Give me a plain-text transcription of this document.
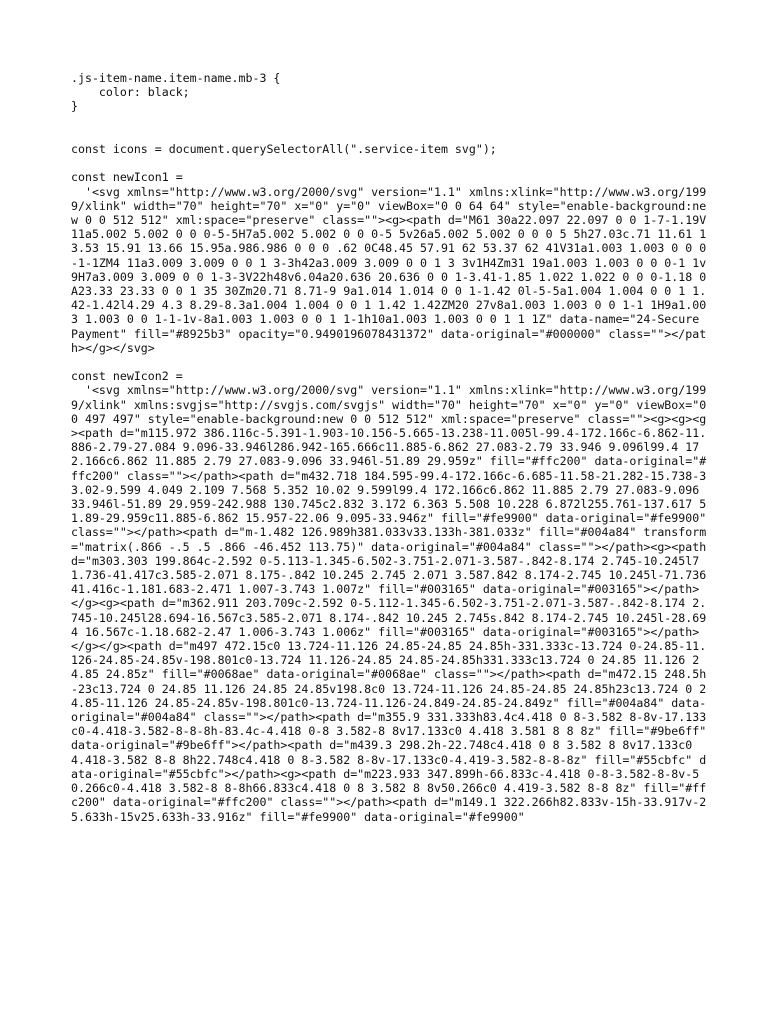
.js-item-name.item-name.mb-3 {
color: black;
}
const icons = document.querySelectorAll(".service-item svg");
const newIcon1 =
'<svg xmlns="http://www.w3.org/2000/svg" version="1.1" xmlns:xlink="http://www.w3.org/1999/xlink" width="70" height="70" x="0" y="0" viewBox="0 0 64 64" style="enable-background:new 0 0 512 512" xml:space="preserve" class=""><g><path d="M61 30a22.097 22.097 0 0 1-7-1.19V11a5.002 5.002 0 0 0-5-5H7a5.002 5.002 0 0 0-5 5v26a5.002 5.002 0 0 0 5 5h27.03c.71 11.61 13.53 15.91 13.66 15.95a.986.986 0 0 0 .62 0C48.45 57.91 62 53.37 62 41V31a1.003 1.003 0 0 0-1-1ZM4 11a3.009 3.009 0 0 1 3-3h42a3.009 3.009 0 0 1 3 3v1H4Zm31 19a1.003 1.003 0 0 0-1 1v9H7a3.009 3.009 0 0 1-3-3V22h48v6.04a20.636 20.636 0 0 1-3.41-1.85 1.022 1.022 0 0 0-1.18 0A23.33 23.33 0 0 1 35 30Zm20.71 8.71-9 9a1.014 1.014 0 0 1-1.42 0l-5-5a1.004 1.004 0 0 1 1.42-1.42l4.29 4.3 8.29-8.3a1.004 1.004 0 0 1 1.42 1.42ZM20 27v8a1.003 1.003 0 0 1-1 1H9a1.003 1.003 0 0 1-1-1v-8a1.003 1.003 0 0 1 1-1h10a1.003 1.003 0 0 1 1 1Z" data-name="24-Secure Payment" fill="#8925b3" opacity="0.9490196078431372" data-original="#000000" class=""></path></g></svg>
const newIcon2 =
'<svg xmlns="http://www.w3.org/2000/svg" version="1.1" xmlns:xlink="http://www.w3.org/1999/xlink" xmlns:svgjs="http://svgjs.com/svgjs" width="70" height="70" x="0" y="0" viewBox="0 0 497 497" style="enable-background:new 0 0 512 512" xml:space="preserve" class=""><g><g><g><path d="m115.972 386.116c-5.391-1.903-10.156-5.665-13.238-11.005l-99.4-172.166c-6.862-11.886-2.79-27.084 9.096-33.946l286.942-165.666c11.885-6.862 27.083-2.79 33.946 9.096l99.4 172.166c6.862 11.885 2.79 27.083-9.096 33.946l-51.89 29.959z" fill="#ffc200" data-original="#ffc200" class=""></path><path d="m432.718 184.595-99.4-172.166c-6.685-11.58-21.282-15.738-33.02-9.599 4.049 2.109 7.568 5.352 10.02 9.599l99.4 172.166c6.862 11.885 2.79 27.083-9.096 33.946l-51.89 29.959-242.988 130.745c2.832 3.172 6.363 5.508 10.228 6.872l255.761-137.617 51.89-29.959c11.885-6.862 15.957-22.06 9.095-33.946z" fill="#fe9900" data-original="#fe9900" class=""></path><path d="m-1.482 126.989h381.033v33.133h-381.033z" fill="#004a84" transform="matrix(.866 -.5 .5 .866 -46.452 113.75)" data-original="#004a84" class=""></path><g><path d="m303.303 199.864c-2.592 0-5.113-1.345-6.502-3.751-2.071-3.587-.842-8.174 2.745-10.245l71.736-41.417c3.585-2.071 8.175-.842 10.245 2.745 2.071 3.587.842 8.174-2.745 10.245l-71.736 41.416c-1.181.683-2.471 1.007-3.743 1.007z" fill="#003165" data-original="#003165"></path></g><g><path d="m362.911 203.709c-2.592 0-5.112-1.345-6.502-3.751-2.071-3.587-.842-8.174 2.745-10.245l28.694-16.567c3.585-2.071 8.174-.842 10.245 2.745s.842 8.174-2.745 10.245l-28.694 16.567c-1.18.682-2.47 1.006-3.743 1.006z" fill="#003165" data-original="#003165"></path></g></g><path d="m497 472.15c0 13.724-11.126 24.85-24.85 24.85h-331.333c-13.724 0-24.85-11.126-24.85-24.85v-198.801c0-13.724 11.126-24.85 24.85-24.85h331.333c13.724 0 24.85 11.126 24.85 24.85z" fill="#0068ae" data-original="#0068ae" class=""></path><path d="m472.15 248.5h-23c13.724 0 24.85 11.126 24.85 24.85v198.8c0 13.724-11.126 24.85-24.85 24.85h23c13.724 0 24.85-11.126 24.85-24.85v-198.801c0-13.724-11.126-24.849-24.85-24.849z" fill="#004a84" data-original="#004a84" class=""></path><path d="m355.9 331.333h83.4c4.418 0 8-3.582 8-8v-17.133c0-4.418-3.582-8-8-8h-83.4c-4.418 0-8 3.582-8 8v17.133c0 4.418 3.581 8 8 8z" fill="#9be6ff" data-original="#9be6ff"></path><path d="m439.3 298.2h-22.748c4.418 0 8 3.582 8 8v17.133c0 4.418-3.582 8-8 8h22.748c4.418 0 8-3.582 8-8v-17.133c0-4.419-3.582-8-8-8z" fill="#55cbfc" data-original="#55cbfc"></path><g><path d="m223.933 347.899h-66.833c-4.418 0-8-3.582-8-8v-50.266c0-4.418 3.582-8 8-8h66.833c4.418 0 8 3.582 8 8v50.266c0 4.419-3.582 8-8 8z" fill="#ffc200" data-original="#ffc200" class=""></path><path d="m149.1 322.266h82.833v-15h-33.917v-25.633h-15v25.633h-33.916z" fill="#fe9900" data-original="#fe9900"
